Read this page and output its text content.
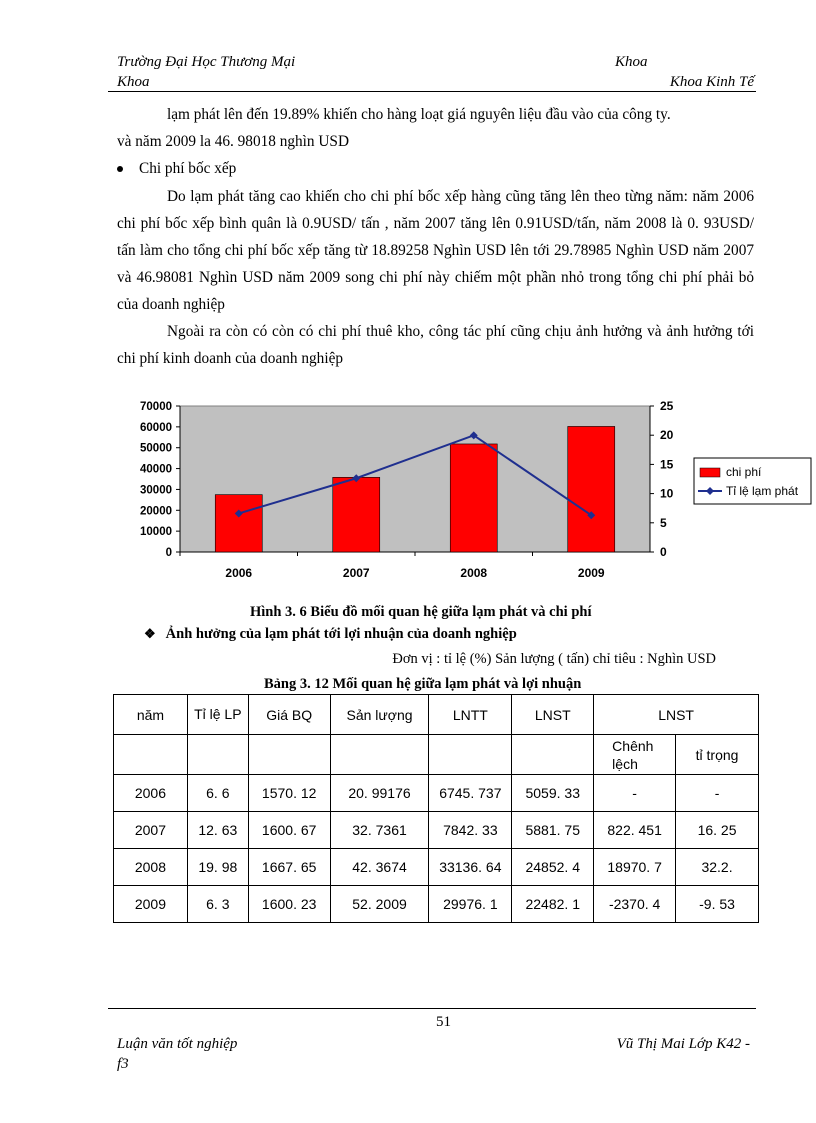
Trường Đại Học Thương Mại	Khoa
Khoa	Khoa Kinh Tế

lạm phát lên đến 19.89% khiến cho hàng loạt giá nguyên liệu đầu vào của công ty.

và năm 2009 la 46. 98018 nghìn USD

Chi phí bốc xếp

Do lạm phát tăng cao khiến cho chi phí bốc xếp hàng cũng tăng lên theo từng năm: năm 2006 chi phí bốc xếp bình quân là 0.9USD/ tấn , năm 2007 tăng lên 0.91USD/tấn, năm 2008 là 0. 93USD/ tấn làm cho tổng chi phí bốc xếp tăng từ 18.89258 Nghìn USD lên tới 29.78985 Nghìn USD năm 2007 và 46.98081 Nghìn USD năm 2009 song chi phí này chiếm một phần nhỏ trong tổng chi phí phải bỏ của doanh nghiệp

Ngoài ra còn có còn có chi phí thuê kho, công tác phí cũng chịu ảnh hưởng và ảnh hưởng tới chi phí kinh doanh của doanh nghiệp

70000
60000
50000
40000
30000
20000
10000
0
25
20
15
10
5
0
2006	2007	2008	2009
chi phí
Tỉ lệ lạm phát
Hình 3. 6 Biểu đồ mối quan hệ giữa lạm phát và chi phí
❖ Ảnh hưởng của lạm phát tới lợi nhuận của doanh nghiệp
Đơn vị : tỉ lệ (%) Sản lượng ( tấn) chỉ tiêu : Nghìn USD
Bảng 3. 12 Mối quan hệ giữa lạm phát và lợi nhuận
năm	Tỉ lệ LP	Giá BQ	Sản lượng	LNTT	LNST	LNST	
						Chênh lệch	tỉ trọng
2006	6. 6	1570. 12	20. 99176	6745. 737	5059. 33	-	-
2007	12. 63	1600. 67	32. 7361	7842. 33	5881. 75	822. 451	16. 25
2008	19. 98	1667. 65	42. 3674	33136. 64	24852. 4	18970. 7	32.2.
2009	6. 3	1600. 23	52. 2009	29976. 1	22482. 1	-2370. 4	-9. 53
51
Luận văn tốt nghiệp
f3
Vũ Thị Mai Lớp K42 -
